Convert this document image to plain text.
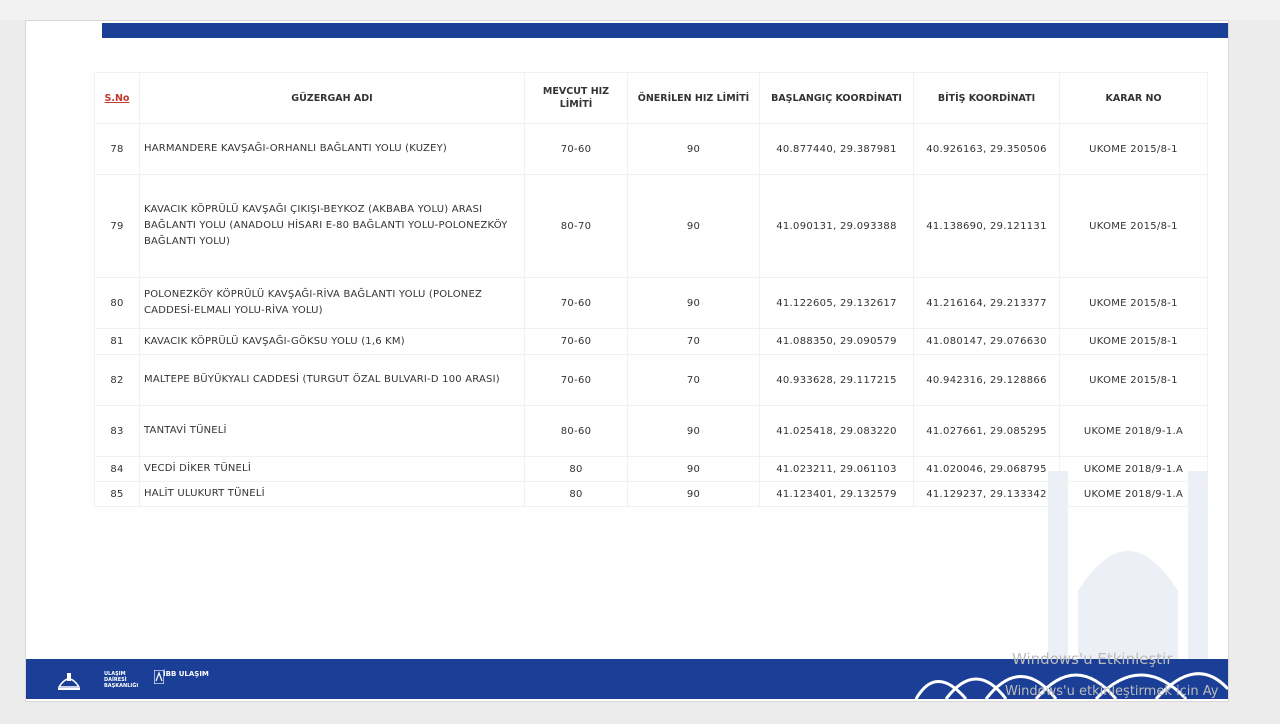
S.No	GÜZERGAH ADI	MEVCUT HIZ LİMİTİ	ÖNERİLEN HIZ LİMİTİ	BAŞLANGIÇ KOORDİNATI	BİTİŞ KOORDİNATI	KARAR NO
78	HARMANDERE KAVŞAĞI-ORHANLI BAĞLANTI YOLU (KUZEY)	70-60	90	40.877440, 29.387981	40.926163, 29.350506	UKOME 2015/8-1
79	KAVACIK KÖPRÜLÜ KAVŞAĞI ÇIKIŞI-BEYKOZ (AKBABA YOLU) ARASI BAĞLANTI YOLU (ANADOLU HİSARI E-80 BAĞLANTI YOLU-POLONEZKÖY BAĞLANTI YOLU)	80-70	90	41.090131, 29.093388	41.138690, 29.121131	UKOME 2015/8-1
80	POLONEZKÖY KÖPRÜLÜ KAVŞAĞI-RİVA BAĞLANTI YOLU (POLONEZ CADDESİ-ELMALI YOLU-RİVA YOLU)	70-60	90	41.122605, 29.132617	41.216164, 29.213377	UKOME 2015/8-1
81	KAVACIK KÖPRÜLÜ KAVŞAĞI-GÖKSU YOLU (1,6 KM)	70-60	70	41.088350, 29.090579	41.080147, 29.076630	UKOME 2015/8-1
82	MALTEPE BÜYÜKYALI CADDESİ (TURGUT ÖZAL BULVARI-D 100 ARASI)	70-60	70	40.933628, 29.117215	40.942316, 29.128866	UKOME 2015/8-1
83	TANTAVİ TÜNELİ	80-60	90	41.025418, 29.083220	41.027661, 29.085295	UKOME 2018/9-1.A
84	VECDİ DİKER TÜNELİ	80	90	41.023211, 29.061103	41.020046, 29.068795	UKOME 2018/9-1.A
85	HALİT ULUKURT TÜNELİ	80	90	41.123401, 29.132579	41.129237, 29.133342	UKOME 2018/9-1.A
ULAŞIM DAİRESİ BAŞKANLIĞI
İBB ULAŞIM
Windows'u Etkinleştir
Windows'u etkinleştirmek için Ay
